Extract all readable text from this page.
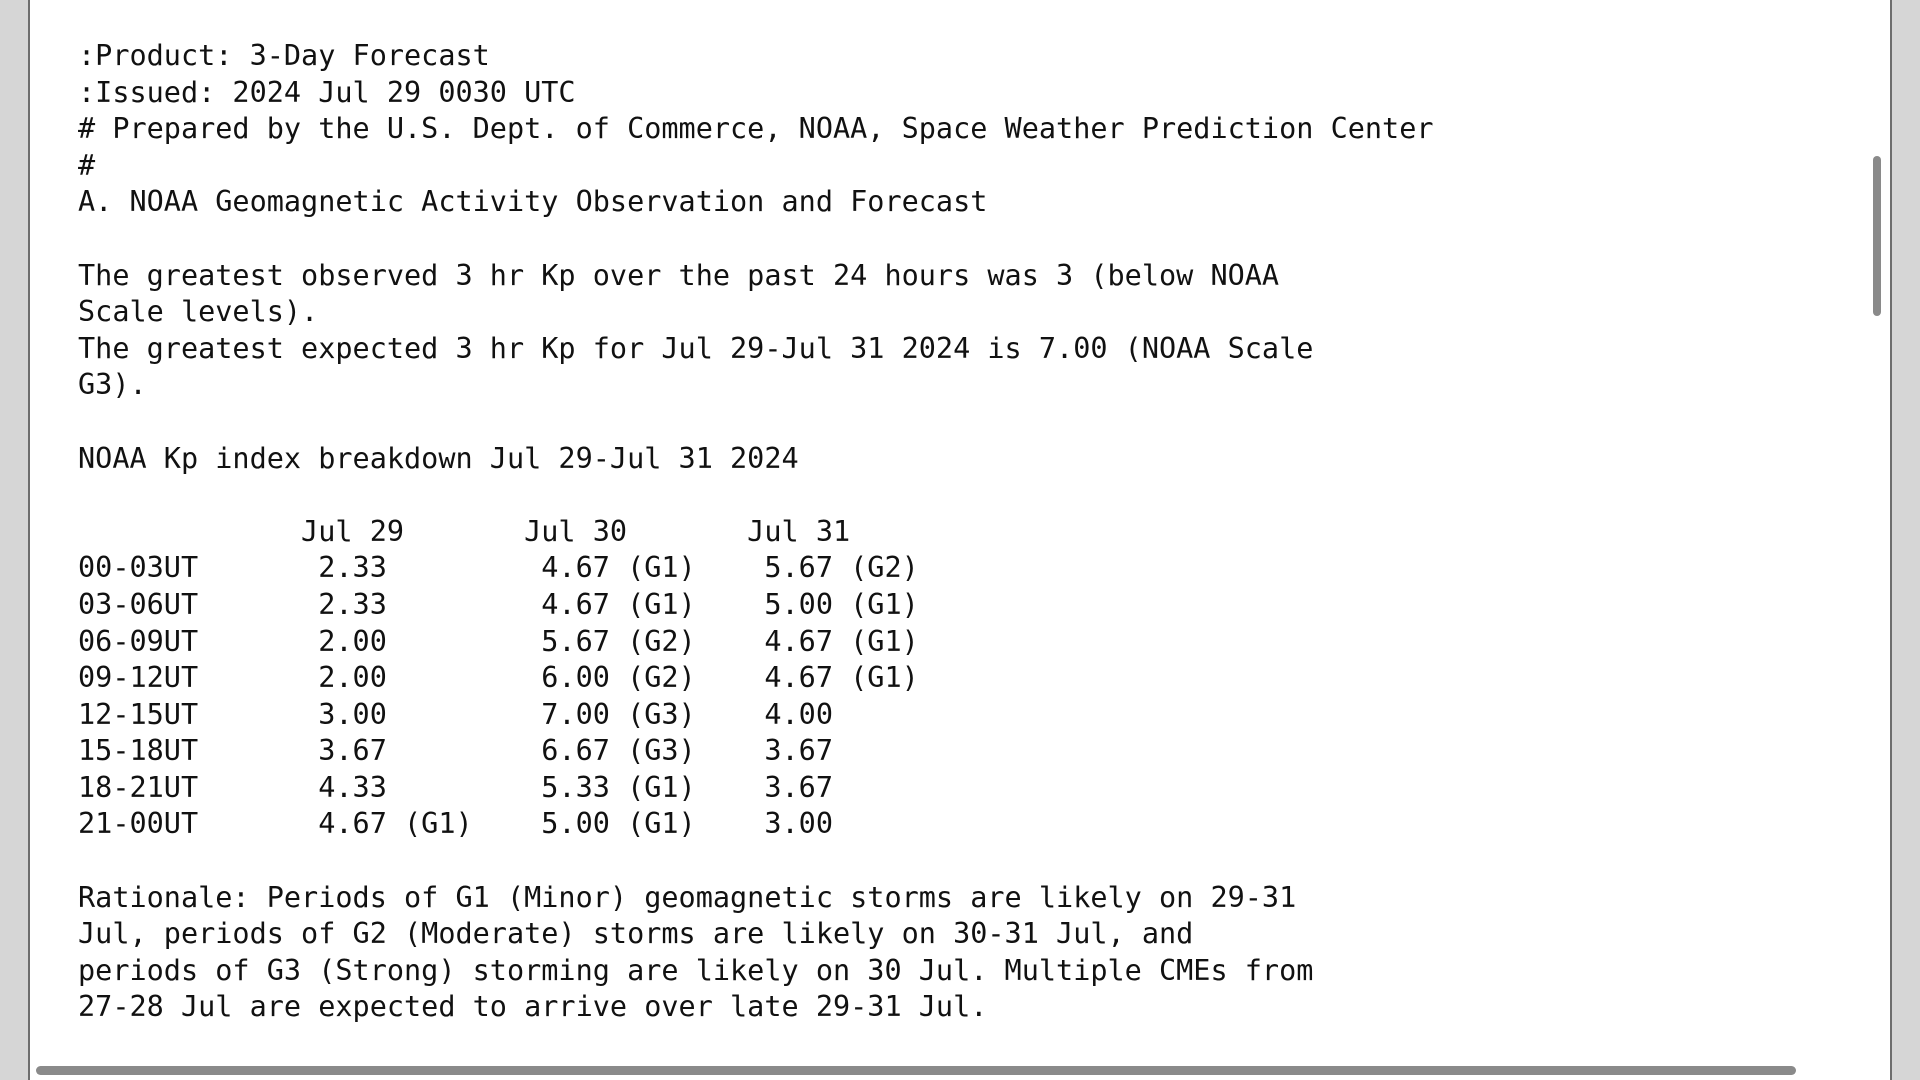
:Product: 3-Day Forecast
:Issued: 2024 Jul 29 0030 UTC
# Prepared by the U.S. Dept. of Commerce, NOAA, Space Weather Prediction Center
#
A. NOAA Geomagnetic Activity Observation and Forecast
The greatest observed 3 hr Kp over the past 24 hours was 3 (below NOAA
Scale levels).
The greatest expected 3 hr Kp for Jul 29-Jul 31 2024 is 7.00 (NOAA Scale
G3).
NOAA Kp index breakdown Jul 29-Jul 31 2024
Jul 29       Jul 30       Jul 31
00-03UT       2.33         4.67 (G1)    5.67 (G2)
03-06UT       2.33         4.67 (G1)    5.00 (G1)
06-09UT       2.00         5.67 (G2)    4.67 (G1)
09-12UT       2.00         6.00 (G2)    4.67 (G1)
12-15UT       3.00         7.00 (G3)    4.00
15-18UT       3.67         6.67 (G3)    3.67
18-21UT       4.33         5.33 (G1)    3.67
21-00UT       4.67 (G1)    5.00 (G1)    3.00
Rationale: Periods of G1 (Minor) geomagnetic storms are likely on 29-31
Jul, periods of G2 (Moderate) storms are likely on 30-31 Jul, and
periods of G3 (Strong) storming are likely on 30 Jul. Multiple CMEs from
27-28 Jul are expected to arrive over late 29-31 Jul.
